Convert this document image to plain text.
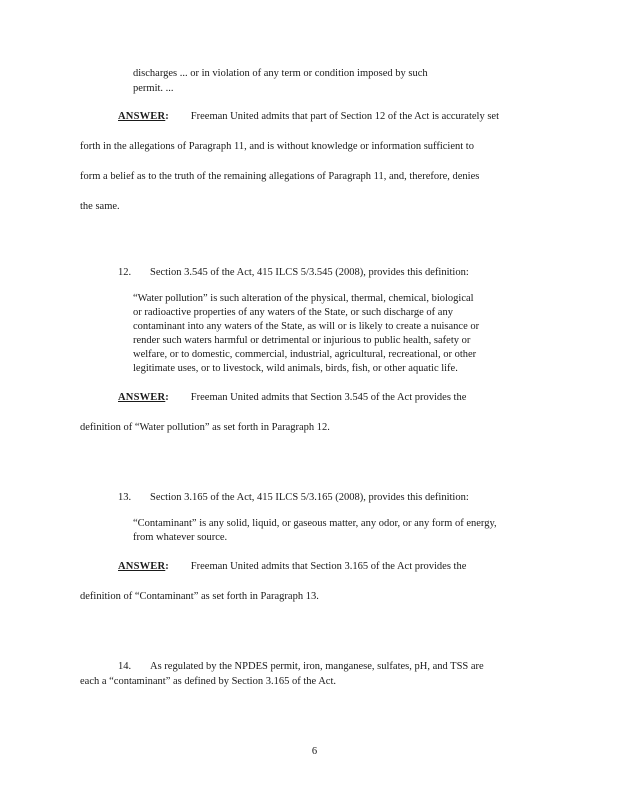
discharges ... or in violation of any term or condition imposed by such
permit. ...
ANSWER: Freeman United admits that part of Section 12 of the Act is accurately set
forth in the allegations of Paragraph 11, and is without knowledge or information sufficient to
form a belief as to the truth of the remaining allegations of Paragraph 11, and, therefore, denies
the same.
12. Section 3.545 of the Act, 415 ILCS 5/3.545 (2008), provides this definition:
“Water pollution” is such alteration of the physical, thermal, chemical, biological
or radioactive properties of any waters of the State, or such discharge of any
contaminant into any waters of the State, as will or is likely to create a nuisance or
render such waters harmful or detrimental or injurious to public health, safety or
welfare, or to domestic, commercial, industrial, agricultural, recreational, or other
legitimate uses, or to livestock, wild animals, birds, fish, or other aquatic life.
ANSWER: Freeman United admits that Section 3.545 of the Act provides the
definition of “Water pollution” as set forth in Paragraph 12.
13. Section 3.165 of the Act, 415 ILCS 5/3.165 (2008), provides this definition:
“Contaminant” is any solid, liquid, or gaseous matter, any odor, or any form of energy,
from whatever source.
ANSWER: Freeman United admits that Section 3.165 of the Act provides the
definition of “Contaminant” as set forth in Paragraph 13.
14. As regulated by the NPDES permit, iron, manganese, sulfates, pH, and TSS are
each a “contaminant” as defined by Section 3.165 of the Act.
6
